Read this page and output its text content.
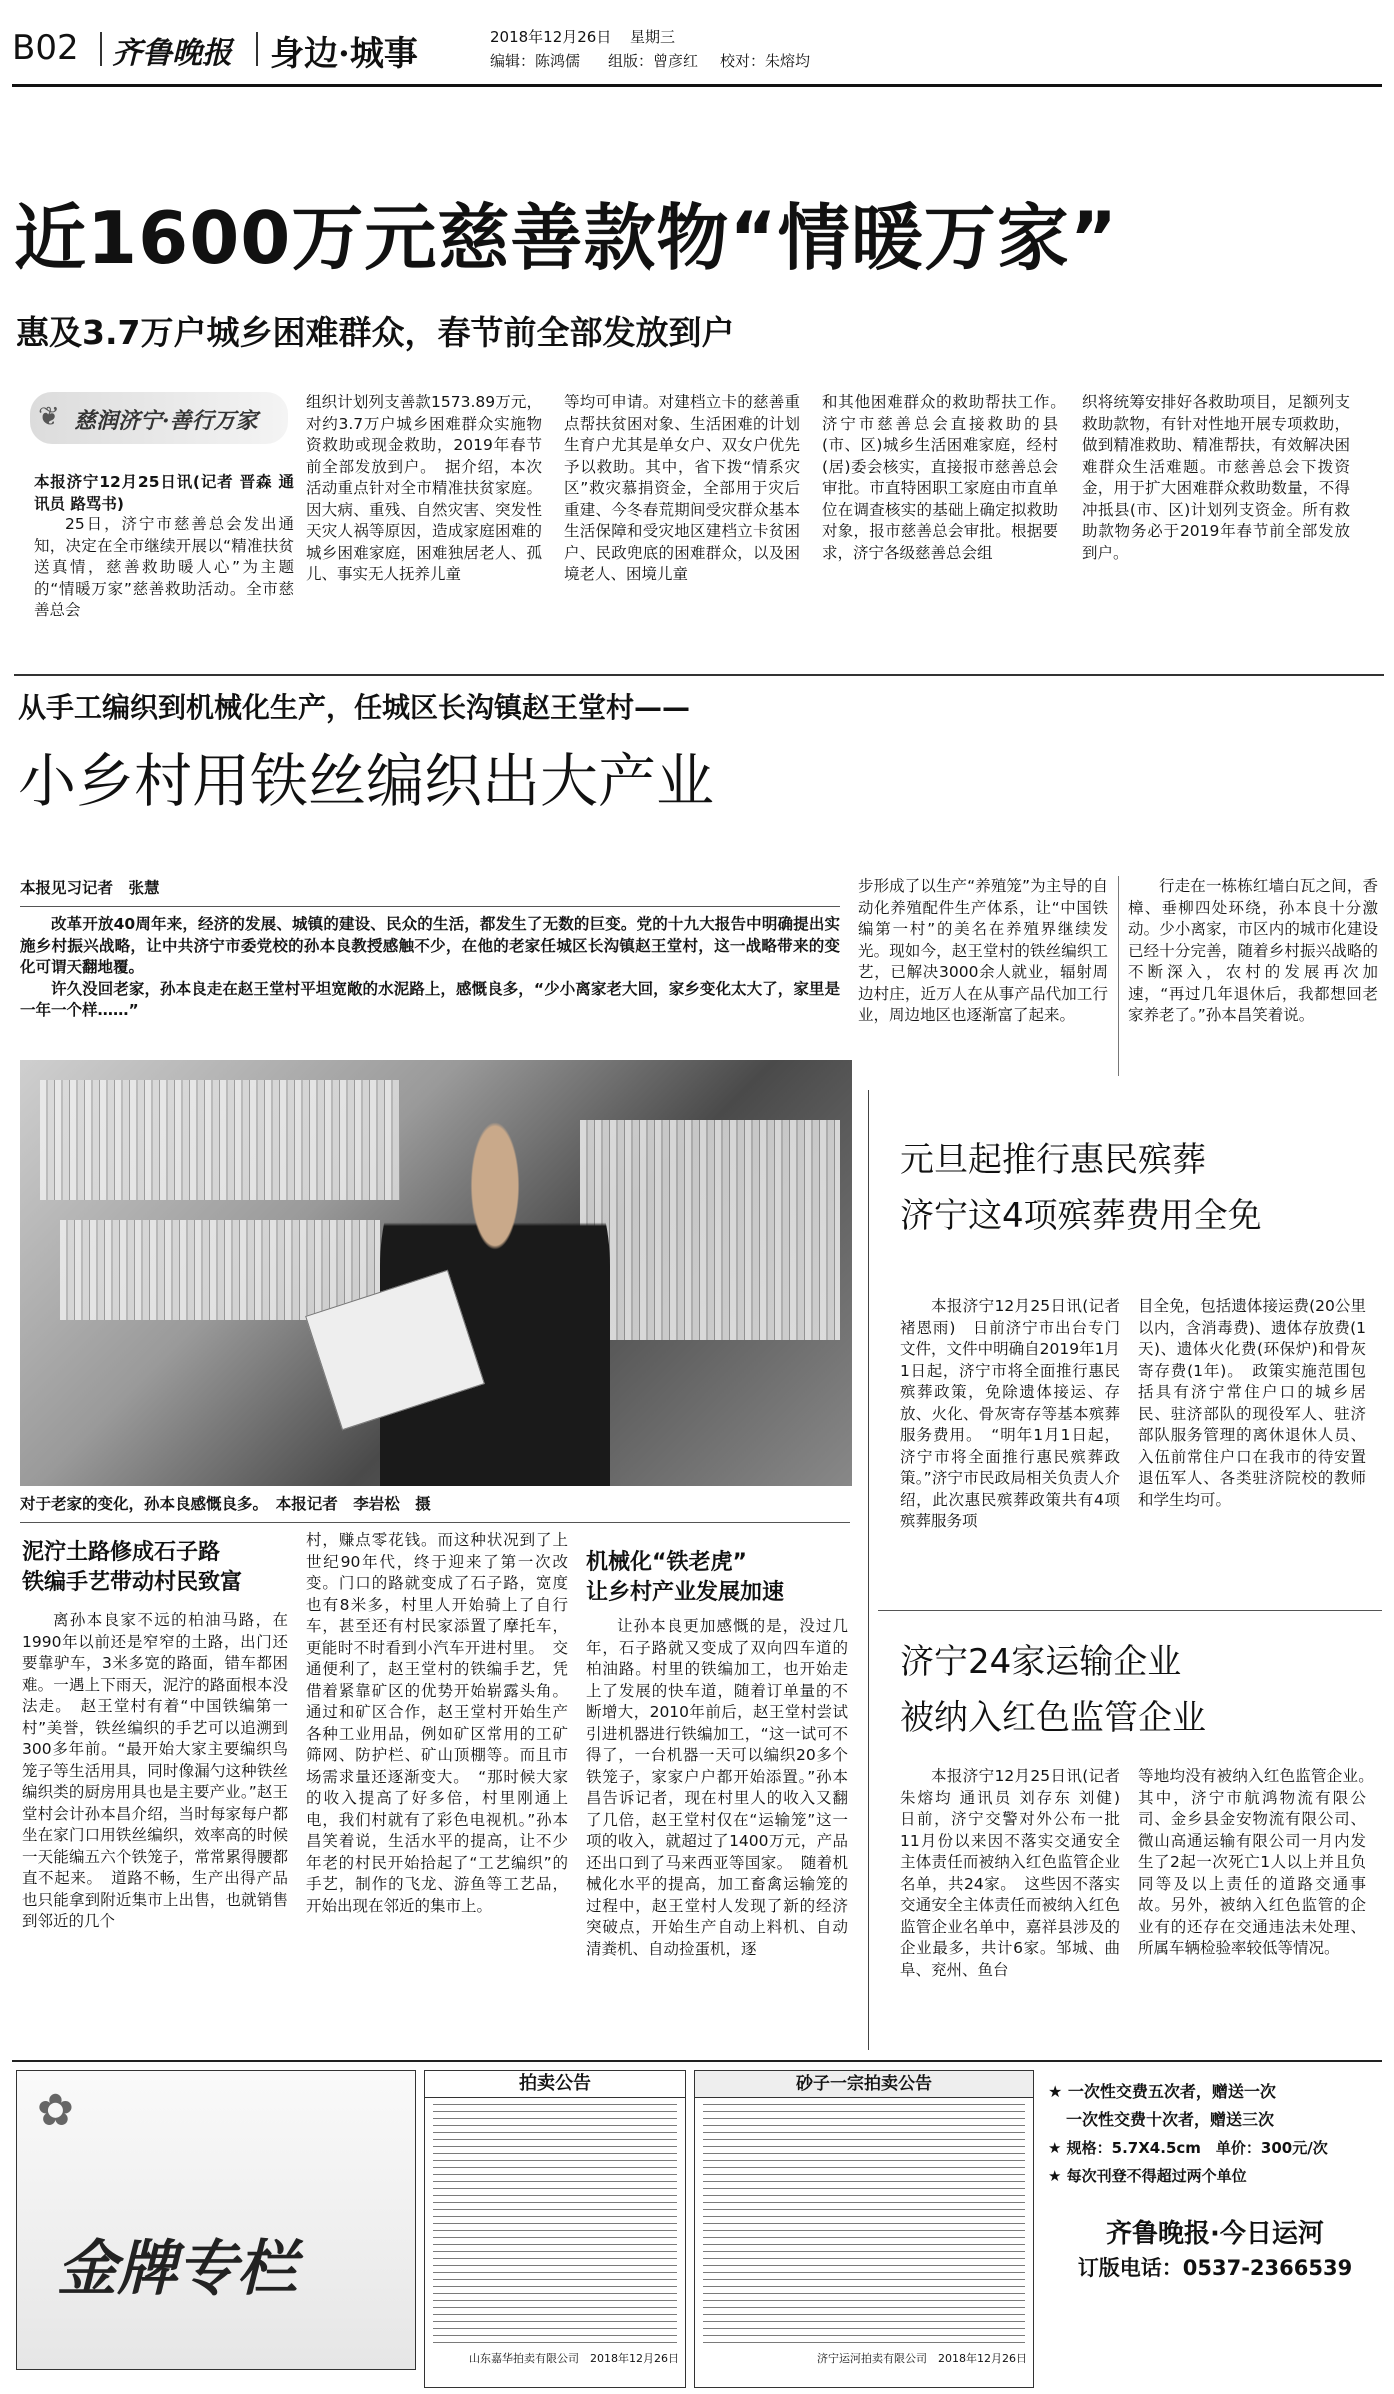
B02 齐鲁晚报 身边·城事	2018年12月26日 星期三
编辑：陈鸿儒 组版：曾彦红 校对：朱熔均
近1600万元慈善款物“情暖万家”
惠及3.7万户城乡困难群众，春节前全部发放到户
❦ 慈润济宁·善行万家
本报济宁12月25日讯(记者 晋森 通讯员 路骂书)

25日，济宁市慈善总会发出通知，决定在全市继续开展以“精准扶贫送真情，慈善救助暖人心”为主题的“情暖万家”慈善救助活动。全市慈善总会

组织计划列支善款1573.89万元，对约3.7万户城乡困难群众实施物资救助或现金救助，2019年春节前全部发放到户。　据介绍，本次活动重点针对全市精准扶贫家庭。因大病、重残、自然灾害、突发性天灾人祸等原因，造成家庭困难的城乡困难家庭，困难独居老人、孤儿、事实无人抚养儿童

等均可申请。对建档立卡的慈善重点帮扶贫困对象、生活困难的计划生育户尤其是单女户、双女户优先予以救助。其中，省下拨“情系灾区”救灾慕捐资金，全部用于灾后重建、今冬春荒期间受灾群众基本生活保障和受灾地区建档立卡贫困户、民政兜底的困难群众，以及困境老人、困境儿童

和其他困难群众的救助帮扶工作。　济宁市慈善总会直接救助的县(市、区)城乡生活困难家庭，经村(居)委会核实，直接报市慈善总会审批。市直特困职工家庭由市直单位在调查核实的基础上确定拟救助对象，报市慈善总会审批。根据要求，济宁各级慈善总会组

织将统筹安排好各救助项目，足额列支救助款物，有针对性地开展专项救助，做到精准救助、精准帮扶，有效解决困难群众生活难题。市慈善总会下拨资金，用于扩大困难群众救助数量，不得冲抵县(市、区)计划列支资金。所有救助款物务必于2019年春节前全部发放到户。

从手工编织到机械化生产，任城区长沟镇赵王堂村——
小乡村用铁丝编织出大产业
本报见习记者　张慧

改革开放40周年来，经济的发展、城镇的建设、民众的生活，都发生了无数的巨变。党的十九大报告中明确提出实施乡村振兴战略，让中共济宁市委党校的孙本良教授感触不少，在他的老家任城区长沟镇赵王堂村，这一战略带来的变化可谓天翻地覆。

许久没回老家，孙本良走在赵王堂村平坦宽敞的水泥路上，感慨良多，“少小离家老大回，家乡变化太大了，家里是一年一个样……”

步形成了以生产“养殖笼”为主导的自动化养殖配件生产体系，让“中国铁编第一村”的美名在养殖界继续发光。现如今，赵王堂村的铁丝编织工艺，已解决3000余人就业，辐射周边村庄，近万人在从事产品代加工行业，周边地区也逐渐富了起来。

行走在一栋栋红墙白瓦之间，香樟、垂柳四处环绕，孙本良十分激动。少小离家，市区内的城市化建设已经十分完善，随着乡村振兴战略的不断深入，农村的发展再次加速，“再过几年退休后，我都想回老家养老了。”孙本昌笑着说。

对于老家的变化，孙本良感慨良多。　本报记者　李岩松　摄
泥泞土路修成石子路
铁编手艺带动村民致富

离孙本良家不远的柏油马路，在1990年以前还是窄窄的土路，出门还要靠驴车，3米多宽的路面，错车都困难。一遇上下雨天，泥泞的路面根本没法走。　赵王堂村有着“中国铁编第一村”美誉，铁丝编织的手艺可以追溯到300多年前。“最开始大家主要编织鸟笼子等生活用具，同时像漏勺这种铁丝编织类的厨房用具也是主要产业。”赵王堂村会计孙本昌介绍，当时每家每户都坐在家门口用铁丝编织，效率高的时候一天能编五六个铁笼子，常常累得腰都直不起来。　道路不畅，生产出得产品也只能拿到附近集市上出售，也就销售到邻近的几个

村，赚点零花钱。而这种状况到了上世纪90年代，终于迎来了第一次改变。门口的路就变成了石子路，宽度也有8米多，村里人开始骑上了自行车，甚至还有村民家添置了摩托车，更能时不时看到小汽车开进村里。　交通便利了，赵王堂村的铁编手艺，凭借着紧靠矿区的优势开始崭露头角。通过和矿区合作，赵王堂村开始生产各种工业用品，例如矿区常用的工矿筛网、防护栏、矿山顶棚等。而且市场需求量还逐渐变大。　“那时候大家的收入提高了好多倍，村里刚通上电，我们村就有了彩色电视机。”孙本昌笑着说，生活水平的提高，让不少年老的村民开始拾起了“工艺编织”的手艺，制作的飞龙、游鱼等工艺品，开始出现在邻近的集市上。

机械化“铁老虎”
让乡村产业发展加速

让孙本良更加感慨的是，没过几年，石子路就又变成了双向四车道的柏油路。村里的铁编加工，也开始走上了发展的快车道，随着订单量的不断增大，2010年前后，赵王堂村尝试引进机器进行铁编加工，“这一试可不得了，一台机器一天可以编织20多个铁笼子，家家户户都开始添置。”孙本昌告诉记者，现在村里人的收入又翻了几倍，赵王堂村仅在“运输笼”这一项的收入，就超过了1400万元，产品还出口到了马来西亚等国家。　随着机械化水平的提高，加工畜禽运输笼的过程中，赵王堂村人发现了新的经济突破点，开始生产自动上料机、自动清粪机、自动捡蛋机，逐

元旦起推行惠民殡葬
济宁这4项殡葬费用全免

本报济宁12月25日讯(记者 褚恩雨)　日前济宁市出台专门文件，文件中明确自2019年1月1日起，济宁市将全面推行惠民殡葬政策，免除遗体接运、存放、火化、骨灰寄存等基本殡葬服务费用。　“明年1月1日起，济宁市将全面推行惠民殡葬政策。”济宁市民政局相关负责人介绍，此次惠民殡葬政策共有4项殡葬服务项

目全免，包括遗体接运费(20公里以内，含消毒费)、遗体存放费(1天)、遗体火化费(环保炉)和骨灰寄存费(1年)。　政策实施范围包括具有济宁常住户口的城乡居民、驻济部队的现役军人、驻济部队服务管理的离休退休人员、入伍前常住户口在我市的待安置退伍军人、各类驻济院校的教师和学生均可。

济宁24家运输企业
被纳入红色监管企业

本报济宁12月25日讯(记者 朱熔均 通讯员 刘存东 刘健)　日前，济宁交警对外公布一批11月份以来因不落实交通安全主体责任而被纳入红色监管企业名单，共24家。　这些因不落实交通安全主体责任而被纳入红色监管企业名单中，嘉祥县涉及的企业最多，共计6家。邹城、曲阜、兖州、鱼台

等地均没有被纳入红色监管企业。　其中，济宁市航鸿物流有限公司、金乡县金安物流有限公司、微山高通运输有限公司一月内发生了2起一次死亡1人以上并且负同等及以上责任的道路交通事故。另外，被纳入红色监管的企业有的还存在交通违法未处理、所属车辆检验率较低等情况。

✿
金牌专栏
拍卖公告
山东嘉华拍卖有限公司　2018年12月26日
砂子一宗拍卖公告
济宁运河拍卖有限公司　2018年12月26日
★ 一次性交费五次者，赠送一次
一次性交费十次者，赠送三次
★ 规格：5.7X4.5cm　单价：300元/次
★ 每次刊登不得超过两个单位
齐鲁晚报·今日运河
订版电话：0537-2366539
